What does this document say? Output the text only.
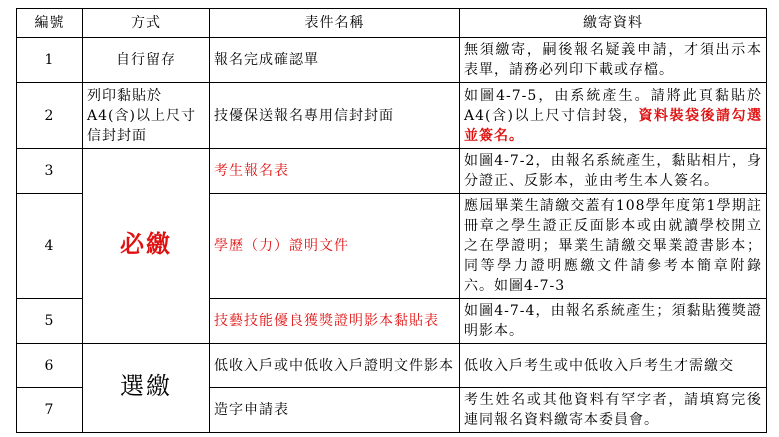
編號	方式	表件名稱	繳寄資料
1	自行留存	報名完成確認單	無須繳寄，嗣後報名疑義申請，才須出示本表單，請務必列印下載或存檔。
2	列印黏貼於A4(含)以上尺寸信封封面	技優保送報名專用信封封面	如圖4-7-5，由系統產生。請將此頁黏貼於A4(含)以上尺寸信封袋，資料裝袋後請勾選並簽名。
3	必繳	考生報名表	如圖4-7-2，由報名系統產生，黏貼相片，身分證正、反影本，並由考生本人簽名。
4		學歷（力）證明文件	應屆畢業生請繳交蓋有108學年度第1學期註冊章之學生證正反面影本或由就讀學校開立之在學證明；畢業生請繳交畢業證書影本；同等學力證明應繳文件請參考本簡章附錄六。如圖4-7-3
5		技藝技能優良獲獎證明影本黏貼表	如圖4-7-4，由報名系統產生；須黏貼獲獎證明影本。
6	選繳	低收入戶或中低收入戶證明文件影本	低收入戶考生或中低收入戶考生才需繳交
7		造字申請表	考生姓名或其他資料有罕字者，請填寫完後連同報名資料繳寄本委員會。
